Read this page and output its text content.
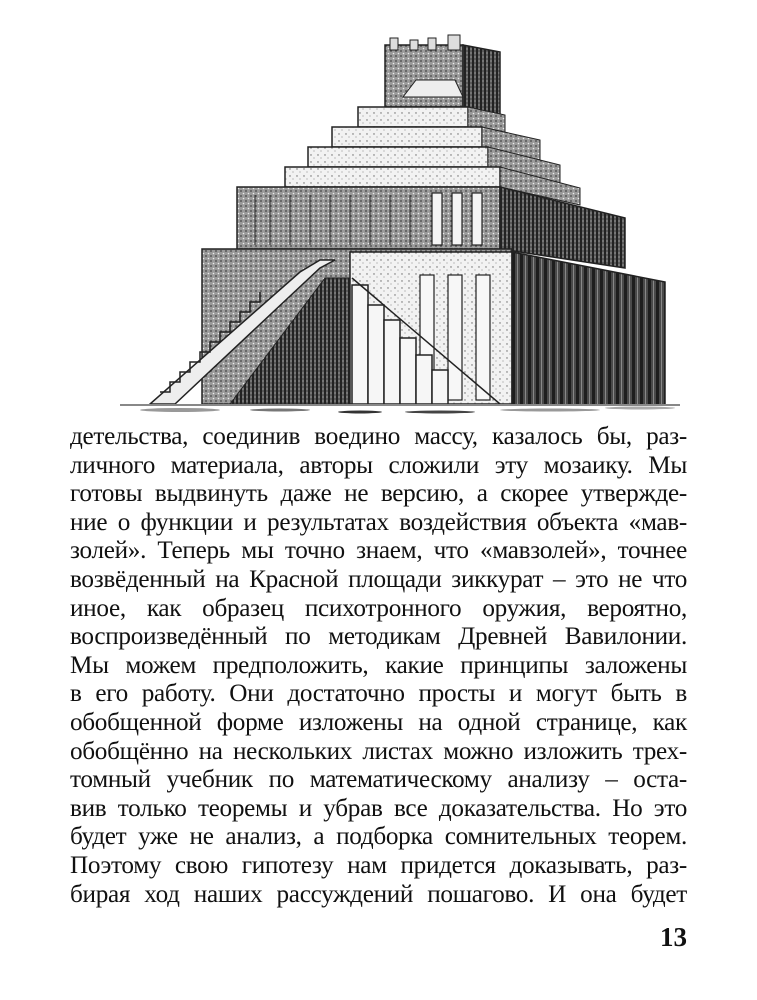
детельства, соединив воедино массу, казалось бы, раз-
личного материала, авторы сложили эту мозаику. Мы
готовы выдвинуть даже не версию, а скорее утвержде-
ние о функции и результатах воздействия объекта «мав-
золей». Теперь мы точно знаем, что «мавзолей», точнее
возвёденный на Красной площади зиккурат – это не что
иное, как образец психотронного оружия, вероятно,
воспроизведённый по методикам Древней Вавилонии.
Мы можем предположить, какие принципы заложены
в его работу. Они достаточно просты и могут быть в
обобщенной форме изложены на одной странице, как
обобщённо на нескольких листах можно изложить трех-
томный учебник по математическому анализу – оста-
вив только теоремы и убрав все доказательства. Но это
будет уже не анализ, а подборка сомнительных теорем.
Поэтому свою гипотезу нам придется доказывать, раз-
бирая ход наших рассуждений пошагово. И она будет
13
